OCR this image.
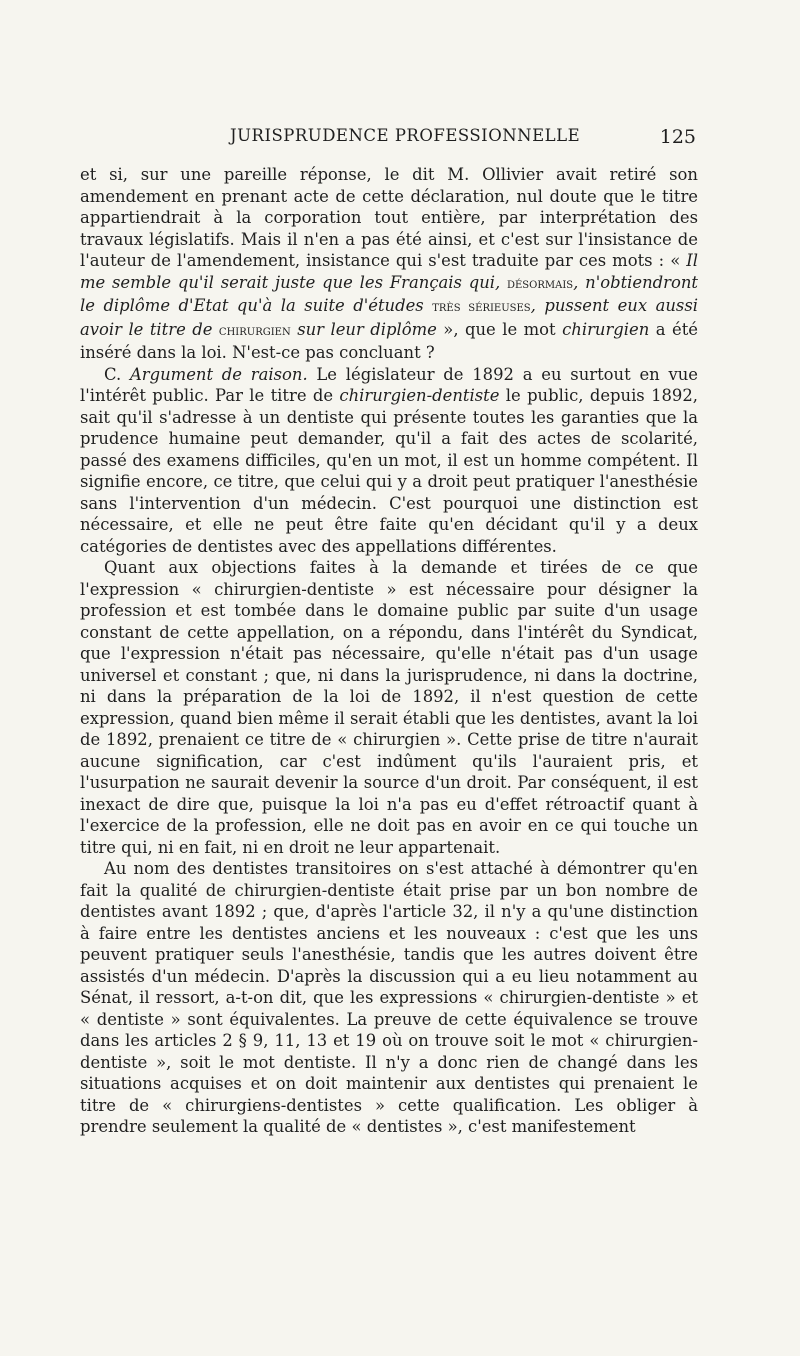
JURISPRUDENCE PROFESSIONNELLE	125

et si, sur une pareille réponse, le dit M. Ollivier avait retiré son amendement en prenant acte de cette déclaration, nul doute que le titre appartiendrait à la corporation tout entière, par interprétation des travaux législatifs. Mais il n'en a pas été ainsi, et c'est sur l'insistance de l'auteur de l'amendement, insistance qui s'est traduite par ces mots : « Il me semble qu'il serait juste que les Français qui, désormais, n'obtiendront le diplôme d'Etat qu'à la suite d'études très sérieuses, pussent eux aussi avoir le titre de chirurgien sur leur diplôme », que le mot chirurgien a été inséré dans la loi. N'est-ce pas concluant ?

C. Argument de raison. Le législateur de 1892 a eu surtout en vue l'intérêt public. Par le titre de chirurgien-dentiste le public, depuis 1892, sait qu'il s'adresse à un dentiste qui présente toutes les garanties que la prudence humaine peut demander, qu'il a fait des actes de scolarité, passé des examens difficiles, qu'en un mot, il est un homme compétent. Il signifie encore, ce titre, que celui qui y a droit peut pratiquer l'anesthésie sans l'intervention d'un médecin. C'est pourquoi une distinction est nécessaire, et elle ne peut être faite qu'en décidant qu'il y a deux catégories de dentistes avec des appellations différentes.

Quant aux objections faites à la demande et tirées de ce que l'expression « chirurgien-dentiste » est nécessaire pour désigner la profession et est tombée dans le domaine public par suite d'un usage constant de cette appellation, on a répondu, dans l'intérêt du Syndicat, que l'expression n'était pas nécessaire, qu'elle n'était pas d'un usage universel et constant ; que, ni dans la jurisprudence, ni dans la doctrine, ni dans la préparation de la loi de 1892, il n'est question de cette expression, quand bien même il serait établi que les dentistes, avant la loi de 1892, prenaient ce titre de « chirurgien ». Cette prise de titre n'aurait aucune signification, car c'est indûment qu'ils l'auraient pris, et l'usurpation ne saurait devenir la source d'un droit. Par conséquent, il est inexact de dire que, puisque la loi n'a pas eu d'effet rétroactif quant à l'exercice de la profession, elle ne doit pas en avoir en ce qui touche un titre qui, ni en fait, ni en droit ne leur appartenait.

Au nom des dentistes transitoires on s'est attaché à démontrer qu'en fait la qualité de chirurgien-dentiste était prise par un bon nombre de dentistes avant 1892 ; que, d'après l'article 32, il n'y a qu'une distinction à faire entre les dentistes anciens et les nouveaux : c'est que les uns peuvent pratiquer seuls l'anesthésie, tandis que les autres doivent être assistés d'un médecin. D'après la discussion qui a eu lieu notamment au Sénat, il ressort, a-t-on dit, que les expressions « chirurgien-dentiste » et « dentiste » sont équivalentes. La preuve de cette équivalence se trouve dans les articles 2 § 9, 11, 13 et 19 où on trouve soit le mot « chirurgien-dentiste », soit le mot dentiste. Il n'y a donc rien de changé dans les situations acquises et on doit maintenir aux dentistes qui prenaient le titre de « chirurgiens-dentistes » cette qualification. Les obliger à prendre seulement la qualité de « dentistes », c'est manifestement
